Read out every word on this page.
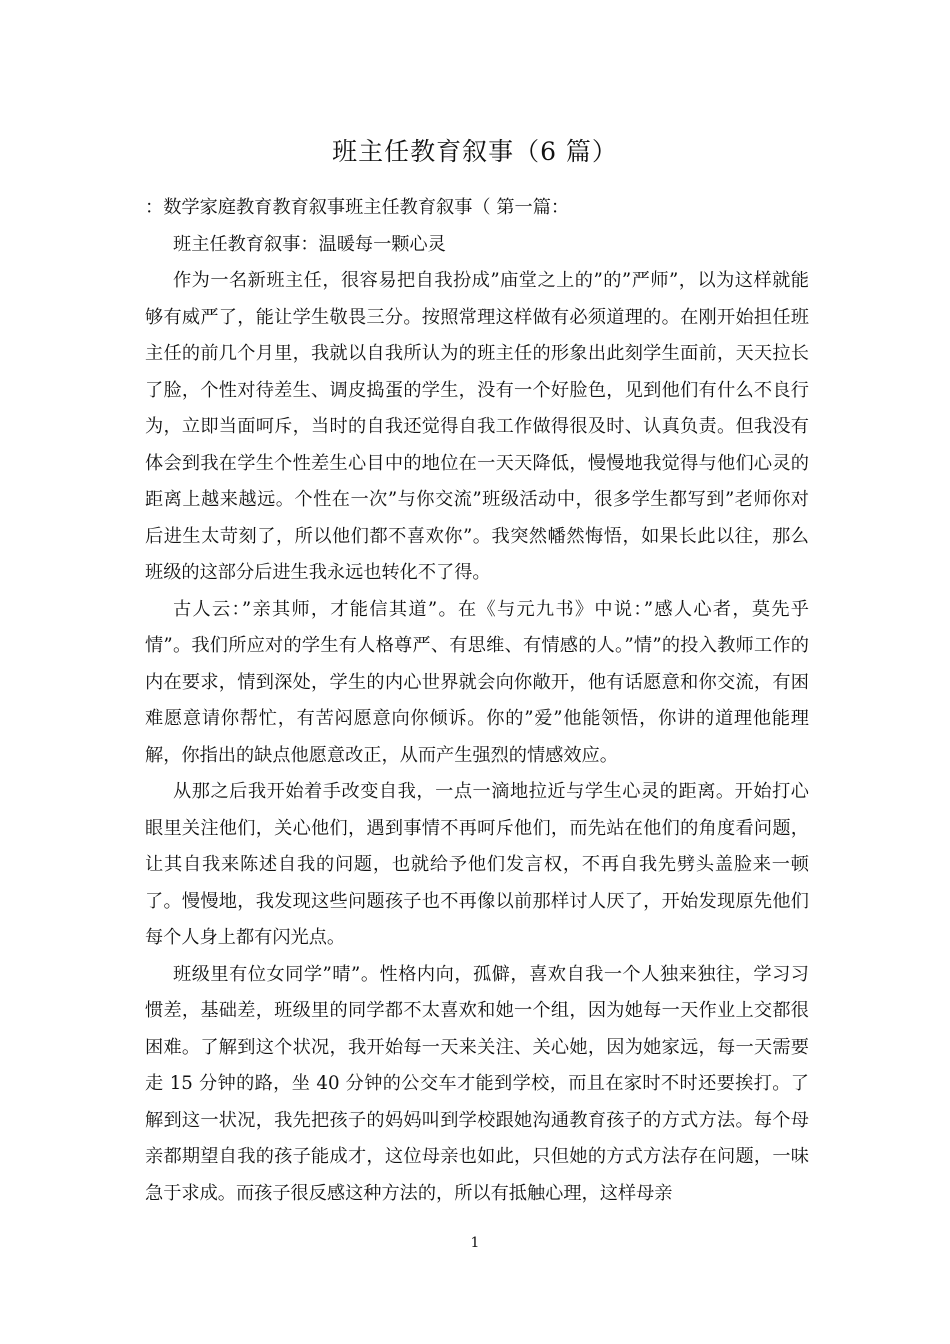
班主任教育叙事（6 篇）

：数学家庭教育教育叙事班主任教育叙事（ 第一篇：

班主任教育叙事：温暖每一颗心灵

作为一名新班主任，很容易把自我扮成”庙堂之上的”的”严师”，以为这样就能够有威严了，能让学生敬畏三分。按照常理这样做有必须道理的。在刚开始担任班主任的前几个月里，我就以自我所认为的班主任的形象出此刻学生面前，天天拉长了脸，个性对待差生、调皮捣蛋的学生，没有一个好脸色，见到他们有什么不良行为，立即当面呵斥，当时的自我还觉得自我工作做得很及时、认真负责。但我没有体会到我在学生个性差生心目中的地位在一天天降低，慢慢地我觉得与他们心灵的距离上越来越远。个性在一次”与你交流”班级活动中，很多学生都写到”老师你对后进生太苛刻了，所以他们都不喜欢你”。我突然幡然悔悟，如果长此以往，那么班级的这部分后进生我永远也转化不了得。

古人云：”亲其师，才能信其道”。在《与元九书》中说：”感人心者，莫先乎情”。我们所应对的学生有人格尊严、有思维、有情感的人。”情”的投入教师工作的内在要求，情到深处，学生的内心世界就会向你敞开，他有话愿意和你交流，有困难愿意请你帮忙，有苦闷愿意向你倾诉。你的”爱”他能领悟，你讲的道理他能理解，你指出的缺点他愿意改正，从而产生强烈的情感效应。

从那之后我开始着手改变自我，一点一滴地拉近与学生心灵的距离。开始打心眼里关注他们，关心他们，遇到事情不再呵斥他们，而先站在他们的角度看问题，让其自我来陈述自我的问题，也就给予他们发言权，不再自我先劈头盖脸来一顿了。慢慢地，我发现这些问题孩子也不再像以前那样讨人厌了，开始发现原先他们每个人身上都有闪光点。

班级里有位女同学”晴”。性格内向，孤僻，喜欢自我一个人独来独往，学习习惯差，基础差，班级里的同学都不太喜欢和她一个组，因为她每一天作业上交都很困难。了解到这个状况，我开始每一天来关注、关心她，因为她家远，每一天需要走 15 分钟的路，坐 40 分钟的公交车才能到学校，而且在家时不时还要挨打。了解到这一状况，我先把孩子的妈妈叫到学校跟她沟通教育孩子的方式方法。每个母亲都期望自我的孩子能成才，这位母亲也如此，只但她的方式方法存在问题，一味急于求成。而孩子很反感这种方法的，所以有抵触心理，这样母亲

1
